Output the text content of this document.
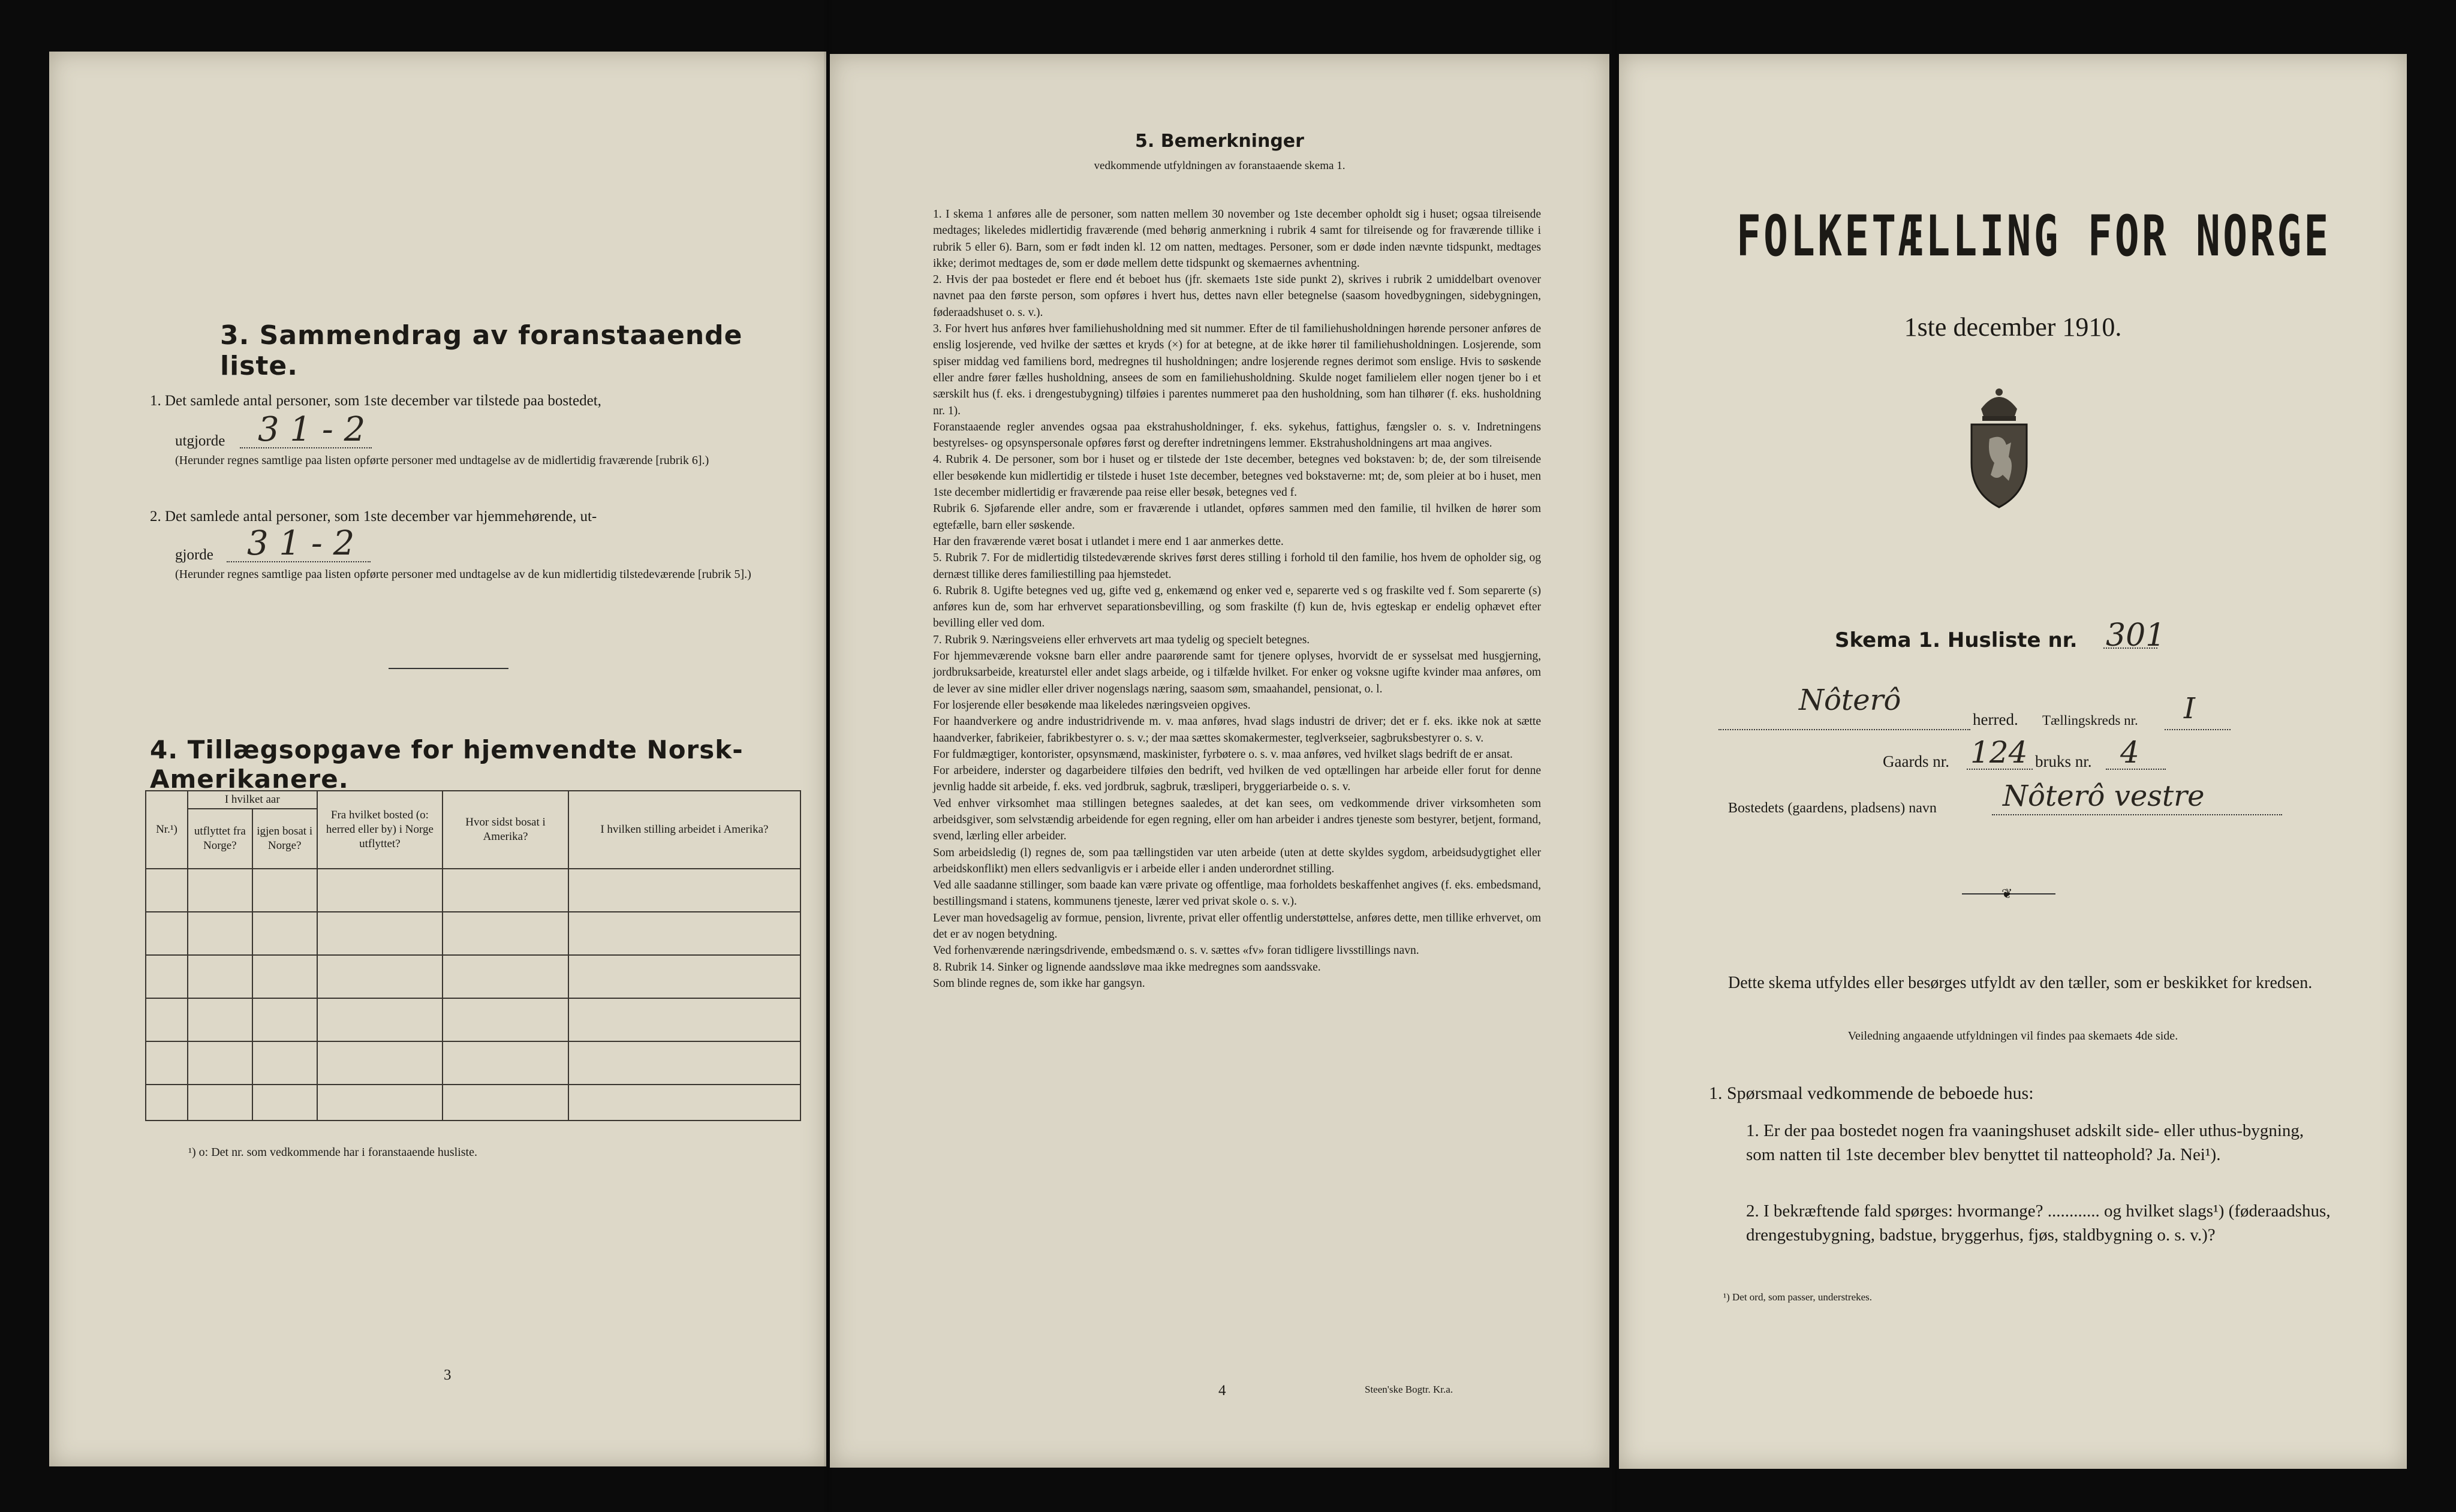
3. Sammendrag av foranstaaende liste.
1. Det samlede antal personer, som 1ste december var tilstede paa bostedet,
utgjorde 3 1 - 2
(Herunder regnes samtlige paa listen opførte personer med undtagelse av de midlertidig fraværende [rubrik 6].)
2. Det samlede antal personer, som 1ste december var hjemmehørende, ut-
gjorde 3 1 - 2
(Herunder regnes samtlige paa listen opførte personer med undtagelse av de kun midlertidig tilstedeværende [rubrik 5].)
4. Tillægsopgave for hjemvendte Norsk-Amerikanere.
Nr.¹)	I hvilket aar		Fra hvilket bosted (o: herred eller by) i Norge utflyttet?	Hvor sidst bosat i Amerika?	I hvilken stilling arbeidet i Amerika?
	utflyttet fra Norge?	igjen bosat i Norge?			

¹) o: Det nr. som vedkommende har i foranstaaende husliste.
3
5. Bemerkninger
vedkommende utfyldningen av foranstaaende skema 1.

1. I skema 1 anføres alle de personer, som natten mellem 30 november og 1ste december opholdt sig i huset; ogsaa tilreisende medtages; likeledes midlertidig fraværende (med behørig anmerkning i rubrik 4 samt for tilreisende og for fraværende tillike i rubrik 5 eller 6). Barn, som er født inden kl. 12 om natten, medtages. Personer, som er døde inden nævnte tidspunkt, medtages ikke; derimot medtages de, som er døde mellem dette tidspunkt og skemaernes avhentning.

2. Hvis der paa bostedet er flere end ét beboet hus (jfr. skemaets 1ste side punkt 2), skrives i rubrik 2 umiddelbart ovenover navnet paa den første person, som opføres i hvert hus, dettes navn eller betegnelse (saasom hovedbygningen, sidebygningen, føderaadshuset o. s. v.).

3. For hvert hus anføres hver familiehusholdning med sit nummer. Efter de til familiehusholdningen hørende personer anføres de enslig losjerende, ved hvilke der sættes et kryds (×) for at betegne, at de ikke hører til familiehusholdningen. Losjerende, som spiser middag ved familiens bord, medregnes til husholdningen; andre losjerende regnes derimot som enslige. Hvis to søskende eller andre fører fælles husholdning, ansees de som en familiehusholdning. Skulde noget familielem eller nogen tjener bo i et særskilt hus (f. eks. i drengestubygning) tilføies i parentes nummeret paa den husholdning, som han tilhører (f. eks. husholdning nr. 1).

Foranstaaende regler anvendes ogsaa paa ekstrahusholdninger, f. eks. sykehus, fattighus, fængsler o. s. v. Indretningens bestyrelses- og opsynspersonale opføres først og derefter indretningens lemmer. Ekstrahusholdningens art maa angives.

4. Rubrik 4. De personer, som bor i huset og er tilstede der 1ste december, betegnes ved bokstaven: b; de, der som tilreisende eller besøkende kun midlertidig er tilstede i huset 1ste december, betegnes ved bokstaverne: mt; de, som pleier at bo i huset, men 1ste december midlertidig er fraværende paa reise eller besøk, betegnes ved f.

Rubrik 6. Sjøfarende eller andre, som er fraværende i utlandet, opføres sammen med den familie, til hvilken de hører som egtefælle, barn eller søskende.

Har den fraværende været bosat i utlandet i mere end 1 aar anmerkes dette.

5. Rubrik 7. For de midlertidig tilstedeværende skrives først deres stilling i forhold til den familie, hos hvem de opholder sig, og dernæst tillike deres familiestilling paa hjemstedet.

6. Rubrik 8. Ugifte betegnes ved ug, gifte ved g, enkemænd og enker ved e, separerte ved s og fraskilte ved f. Som separerte (s) anføres kun de, som har erhvervet separationsbevilling, og som fraskilte (f) kun de, hvis egteskap er endelig ophævet efter bevilling eller ved dom.

7. Rubrik 9. Næringsveiens eller erhvervets art maa tydelig og specielt betegnes.

For hjemmeværende voksne barn eller andre paarørende samt for tjenere oplyses, hvorvidt de er sysselsat med husgjerning, jordbruksarbeide, kreaturstel eller andet slags arbeide, og i tilfælde hvilket. For enker og voksne ugifte kvinder maa anføres, om de lever av sine midler eller driver nogenslags næring, saasom søm, smaahandel, pensionat, o. l.

For losjerende eller besøkende maa likeledes næringsveien opgives.

For haandverkere og andre industridrivende m. v. maa anføres, hvad slags industri de driver; det er f. eks. ikke nok at sætte haandverker, fabrikeier, fabrikbestyrer o. s. v.; der maa sættes skomakermester, teglverkseier, sagbruksbestyrer o. s. v.

For fuldmægtiger, kontorister, opsynsmænd, maskinister, fyrbøtere o. s. v. maa anføres, ved hvilket slags bedrift de er ansat.

For arbeidere, inderster og dagarbeidere tilføies den bedrift, ved hvilken de ved optællingen har arbeide eller forut for denne jevnlig hadde sit arbeide, f. eks. ved jordbruk, sagbruk, træsliperi, bryggeriarbeide o. s. v.

Ved enhver virksomhet maa stillingen betegnes saaledes, at det kan sees, om vedkommende driver virksomheten som arbeidsgiver, som selvstændig arbeidende for egen regning, eller om han arbeider i andres tjeneste som bestyrer, betjent, formand, svend, lærling eller arbeider.

Som arbeidsledig (l) regnes de, som paa tællingstiden var uten arbeide (uten at dette skyldes sygdom, arbeidsudygtighet eller arbeidskonflikt) men ellers sedvanligvis er i arbeide eller i anden underordnet stilling.

Ved alle saadanne stillinger, som baade kan være private og offentlige, maa forholdets beskaffenhet angives (f. eks. embedsmand, bestillingsmand i statens, kommunens tjeneste, lærer ved privat skole o. s. v.).

Lever man hovedsagelig av formue, pension, livrente, privat eller offentlig understøttelse, anføres dette, men tillike erhvervet, om det er av nogen betydning.

Ved forhenværende næringsdrivende, embedsmænd o. s. v. sættes «fv» foran tidligere livsstillings navn.

8. Rubrik 14. Sinker og lignende aandssløve maa ikke medregnes som aandssvake.

Som blinde regnes de, som ikke har gangsyn.

4	Steen'ske Bogtr. Kr.a.
FOLKETÆLLING FOR NORGE
1ste december 1910.
Skema 1. Husliste nr. 301
Nôterô
herred. Tællingskreds nr. I
Gaards nr. 124 bruks nr. 4
Bostedets (gaardens, pladsens) navn Nôterô vestre
❦
Dette skema utfyldes eller besørges utfyldt av den tæller, som er beskikket for kredsen.
Veiledning angaaende utfyldningen vil findes paa skemaets 4de side.
1. Spørsmaal vedkommende de beboede hus:
1. Er der paa bostedet nogen fra vaaningshuset adskilt side- eller uthus-bygning, som natten til 1ste december blev benyttet til natteophold? Ja. Nei¹).
2. I bekræftende fald spørges: hvormange? ............ og hvilket slags¹) (føderaadshus, drengestubygning, badstue, bryggerhus, fjøs, staldbygning o. s. v.)?
¹) Det ord, som passer, understrekes.
